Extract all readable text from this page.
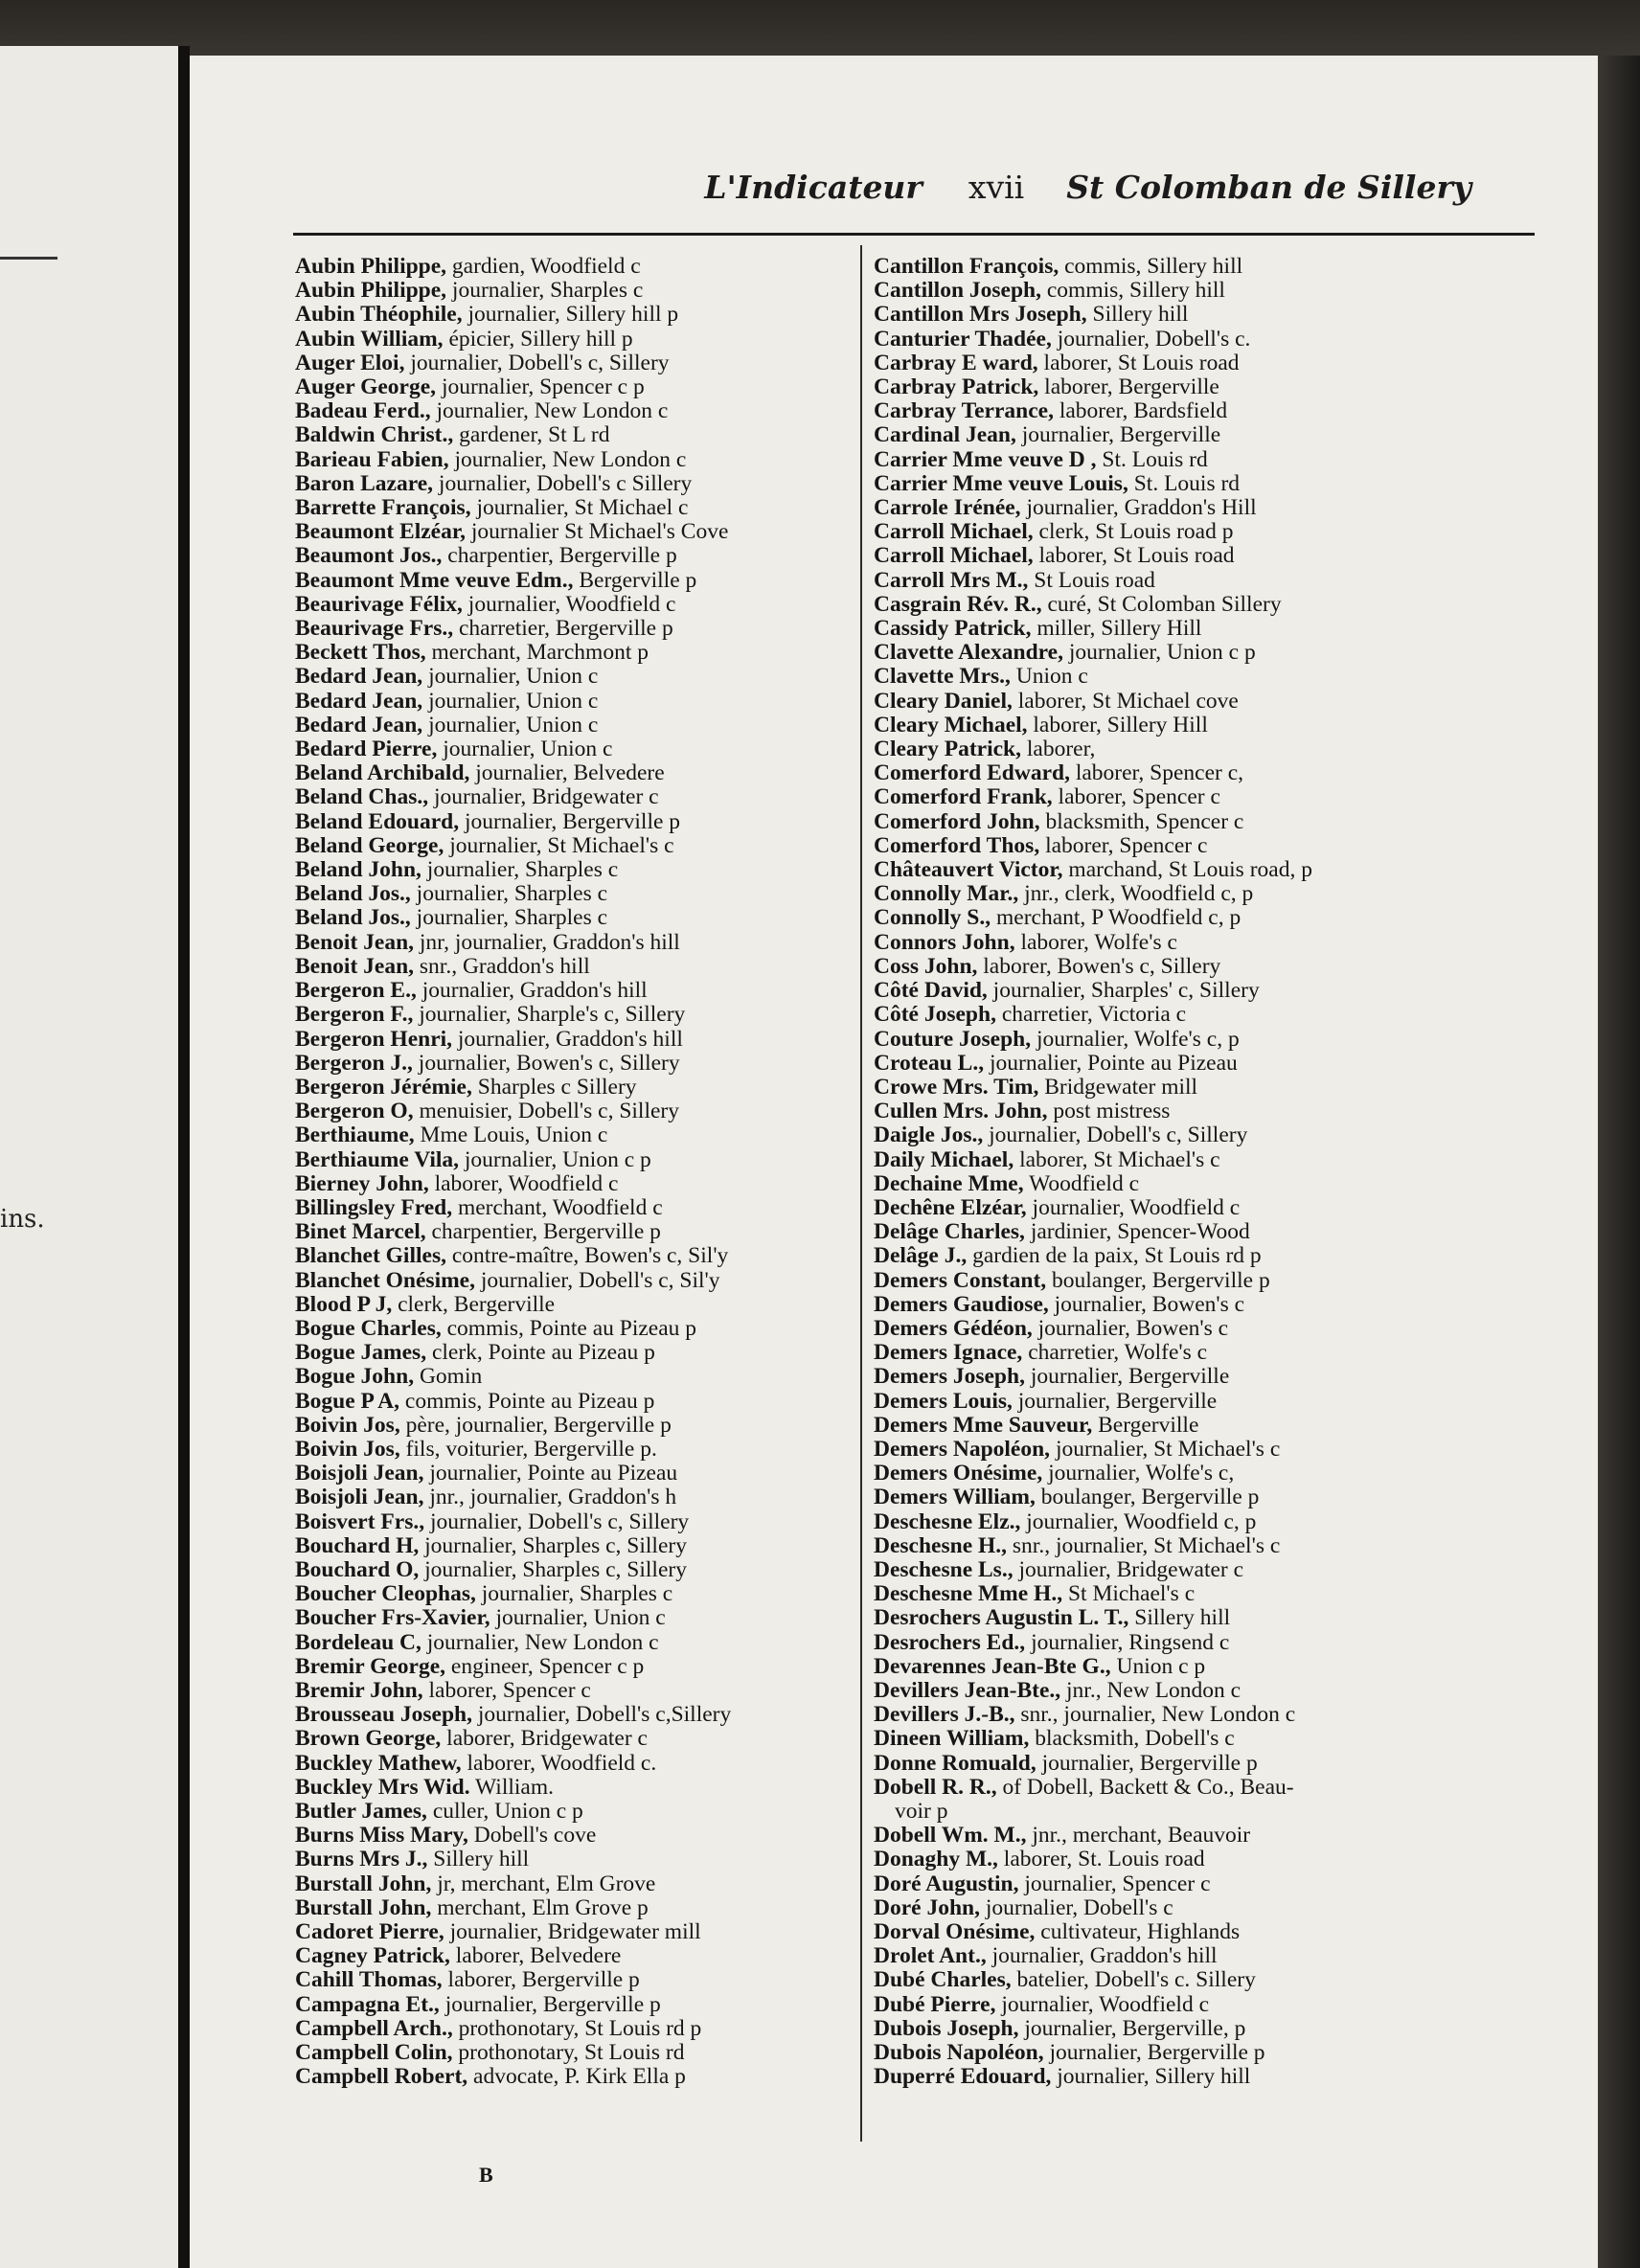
ins.
L'Indicateur xvii St Colomban de Sillery
Aubin Philippe, gardien, Woodfield c
Aubin Philippe, journalier, Sharples c
Aubin Théophile, journalier, Sillery hill p
Aubin William, épicier, Sillery hill p
Auger Eloi, journalier, Dobell's c, Sillery
Auger George, journalier, Spencer c p
Badeau Ferd., journalier, New London c
Baldwin Christ., gardener, St L rd
Barieau Fabien, journalier, New London c
Baron Lazare, journalier, Dobell's c Sillery
Barrette François, journalier, St Michael c
Beaumont Elzéar, journalier St Michael's Cove
Beaumont Jos., charpentier, Bergerville p
Beaumont Mme veuve Edm., Bergerville p
Beaurivage Félix, journalier, Woodfield c
Beaurivage Frs., charretier, Bergerville p
Beckett Thos, merchant, Marchmont p
Bedard Jean, journalier, Union c
Bedard Jean, journalier, Union c
Bedard Jean, journalier, Union c
Bedard Pierre, journalier, Union c
Beland Archibald, journalier, Belvedere
Beland Chas., journalier, Bridgewater c
Beland Edouard, journalier, Bergerville p
Beland George, journalier, St Michael's c
Beland John, journalier, Sharples c
Beland Jos., journalier, Sharples c
Beland Jos., journalier, Sharples c
Benoit Jean, jnr, journalier, Graddon's hill
Benoit Jean, snr., Graddon's hill
Bergeron E., journalier, Graddon's hill
Bergeron F., journalier, Sharple's c, Sillery
Bergeron Henri, journalier, Graddon's hill
Bergeron J., journalier, Bowen's c, Sillery
Bergeron Jérémie, Sharples c Sillery
Bergeron O, menuisier, Dobell's c, Sillery
Berthiaume, Mme Louis, Union c
Berthiaume Vila, journalier, Union c p
Bierney John, laborer, Woodfield c
Billingsley Fred, merchant, Woodfield c
Binet Marcel, charpentier, Bergerville p
Blanchet Gilles, contre-maître, Bowen's c, Sil'y
Blanchet Onésime, journalier, Dobell's c, Sil'y
Blood P J, clerk, Bergerville
Bogue Charles, commis, Pointe au Pizeau p
Bogue James, clerk, Pointe au Pizeau p
Bogue John, Gomin
Bogue P A, commis, Pointe au Pizeau p
Boivin Jos, père, journalier, Bergerville p
Boivin Jos, fils, voiturier, Bergerville p.
Boisjoli Jean, journalier, Pointe au Pizeau
Boisjoli Jean, jnr., journalier, Graddon's h
Boisvert Frs., journalier, Dobell's c, Sillery
Bouchard H, journalier, Sharples c, Sillery
Bouchard O, journalier, Sharples c, Sillery
Boucher Cleophas, journalier, Sharples c
Boucher Frs-Xavier, journalier, Union c
Bordeleau C, journalier, New London c
Bremir George, engineer, Spencer c p
Bremir John, laborer, Spencer c
Brousseau Joseph, journalier, Dobell's c,Sillery
Brown George, laborer, Bridgewater c
Buckley Mathew, laborer, Woodfield c.
Buckley Mrs Wid. William.
Butler James, culler, Union c p
Burns Miss Mary, Dobell's cove
Burns Mrs J., Sillery hill
Burstall John, jr, merchant, Elm Grove
Burstall John, merchant, Elm Grove p
Cadoret Pierre, journalier, Bridgewater mill
Cagney Patrick, laborer, Belvedere
Cahill Thomas, laborer, Bergerville p
Campagna Et., journalier, Bergerville p
Campbell Arch., prothonotary, St Louis rd p
Campbell Colin, prothonotary, St Louis rd
Campbell Robert, advocate, P. Kirk Ella p
Cantillon François, commis, Sillery hill
Cantillon Joseph, commis, Sillery hill
Cantillon Mrs Joseph, Sillery hill
Canturier Thadée, journalier, Dobell's c.
Carbray E ward, laborer, St Louis road
Carbray Patrick, laborer, Bergerville
Carbray Terrance, laborer, Bardsfield
Cardinal Jean, journalier, Bergerville
Carrier Mme veuve D , St. Louis rd
Carrier Mme veuve Louis, St. Louis rd
Carrole Irénée, journalier, Graddon's Hill
Carroll Michael, clerk, St Louis road p
Carroll Michael, laborer, St Louis road
Carroll Mrs M., St Louis road
Casgrain Rév. R., curé, St Colomban Sillery
Cassidy Patrick, miller, Sillery Hill
Clavette Alexandre, journalier, Union c p
Clavette Mrs., Union c
Cleary Daniel, laborer, St Michael cove
Cleary Michael, laborer, Sillery Hill
Cleary Patrick, laborer,
Comerford Edward, laborer, Spencer c,
Comerford Frank, laborer, Spencer c
Comerford John, blacksmith, Spencer c
Comerford Thos, laborer, Spencer c
Châteauvert Victor, marchand, St Louis road, p
Connolly Mar., jnr., clerk, Woodfield c, p
Connolly S., merchant, P Woodfield c, p
Connors John, laborer, Wolfe's c
Coss John, laborer, Bowen's c, Sillery
Côté David, journalier, Sharples' c, Sillery
Côté Joseph, charretier, Victoria c
Couture Joseph, journalier, Wolfe's c, p
Croteau L., journalier, Pointe au Pizeau
Crowe Mrs. Tim, Bridgewater mill
Cullen Mrs. John, post mistress
Daigle Jos., journalier, Dobell's c, Sillery
Daily Michael, laborer, St Michael's c
Dechaine Mme, Woodfield c
Dechêne Elzéar, journalier, Woodfield c
Delâge Charles, jardinier, Spencer-Wood
Delâge J., gardien de la paix, St Louis rd p
Demers Constant, boulanger, Bergerville p
Demers Gaudiose, journalier, Bowen's c
Demers Gédéon, journalier, Bowen's c
Demers Ignace, charretier, Wolfe's c
Demers Joseph, journalier, Bergerville
Demers Louis, journalier, Bergerville
Demers Mme Sauveur, Bergerville
Demers Napoléon, journalier, St Michael's c
Demers Onésime, journalier, Wolfe's c,
Demers William, boulanger, Bergerville p
Deschesne Elz., journalier, Woodfield c, p
Deschesne H., snr., journalier, St Michael's c
Deschesne Ls., journalier, Bridgewater c
Deschesne Mme H., St Michael's c
Desrochers Augustin L. T., Sillery hill
Desrochers Ed., journalier, Ringsend c
Devarennes Jean-Bte G., Union c p
Devillers Jean-Bte., jnr., New London c
Devillers J.-B., snr., journalier, New London c
Dineen William, blacksmith, Dobell's c
Donne Romuald, journalier, Bergerville p
Dobell R. R., of Dobell, Backett & Co., Beau-
voir p
Dobell Wm. M., jnr., merchant, Beauvoir
Donaghy M., laborer, St. Louis road
Doré Augustin, journalier, Spencer c
Doré John, journalier, Dobell's c
Dorval Onésime, cultivateur, Highlands
Drolet Ant., journalier, Graddon's hill
Dubé Charles, batelier, Dobell's c. Sillery
Dubé Pierre, journalier, Woodfield c
Dubois Joseph, journalier, Bergerville, p
Dubois Napoléon, journalier, Bergerville p
Duperré Edouard, journalier, Sillery hill
B
